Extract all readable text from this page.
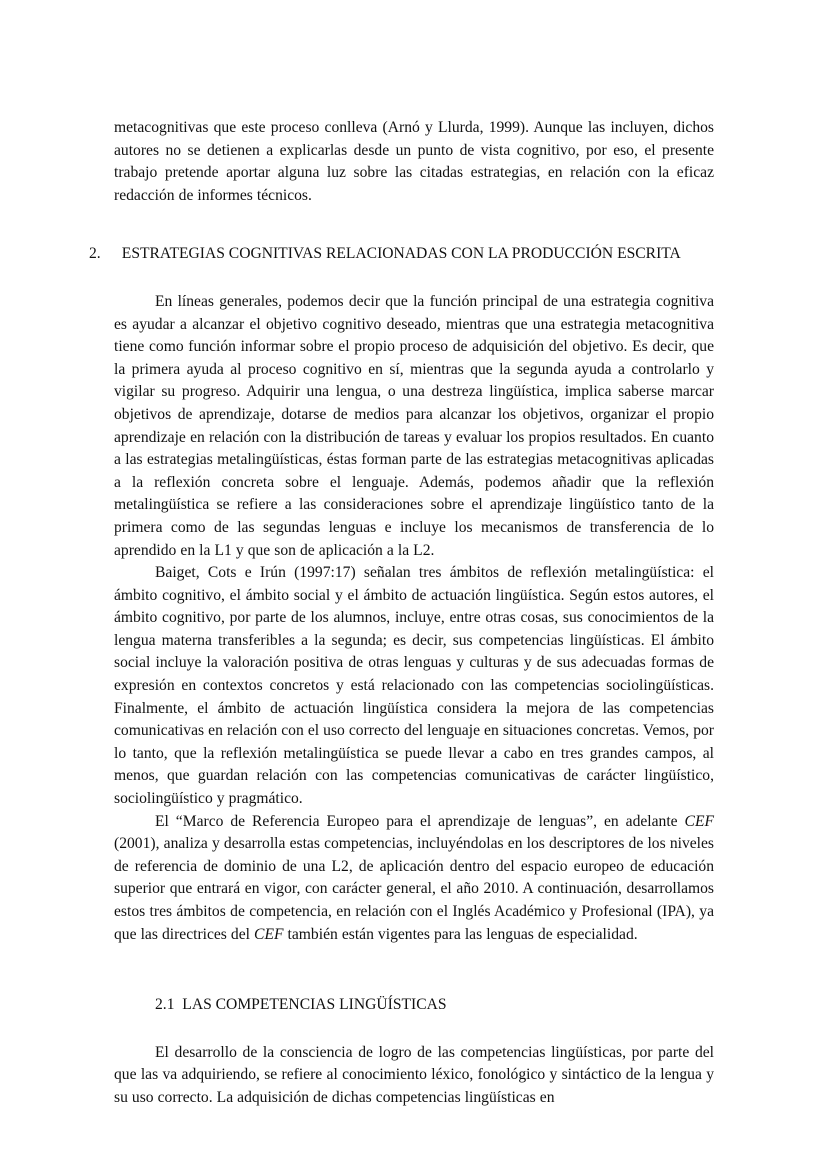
metacognitivas que este proceso conlleva (Arnó y Llurda, 1999). Aunque las incluyen, dichos autores no se detienen a explicarlas desde un punto de vista cognitivo, por eso, el presente trabajo pretende aportar alguna luz sobre las citadas estrategias, en relación con la eficaz redacción de informes técnicos.

2. ESTRATEGIAS COGNITIVAS RELACIONADAS CON LA PRODUCCIÓN ESCRITA

En líneas generales, podemos decir que la función principal de una estrategia cognitiva es ayudar a alcanzar el objetivo cognitivo deseado, mientras que una estrategia metacognitiva tiene como función informar sobre el propio proceso de adquisición del objetivo. Es decir, que la primera ayuda al proceso cognitivo en sí, mientras que la segunda ayuda a controlarlo y vigilar su progreso. Adquirir una lengua, o una destreza lingüística, implica saberse marcar objetivos de aprendizaje, dotarse de medios para alcanzar los objetivos, organizar el propio aprendizaje en relación con la distribución de tareas y evaluar los propios resultados. En cuanto a las estrategias metalingüísticas, éstas forman parte de las estrategias metacognitivas aplicadas a la reflexión concreta sobre el lenguaje. Además, podemos añadir que la reflexión metalingüística se refiere a las consideraciones sobre el aprendizaje lingüístico tanto de la primera como de las segundas lenguas e incluye los mecanismos de transferencia de lo aprendido en la L1 y que son de aplicación a la L2.

Baiget, Cots e Irún (1997:17) señalan tres ámbitos de reflexión metalingüística: el ámbito cognitivo, el ámbito social y el ámbito de actuación lingüística. Según estos autores, el ámbito cognitivo, por parte de los alumnos, incluye, entre otras cosas, sus conocimientos de la lengua materna transferibles a la segunda; es decir, sus competencias lingüísticas. El ámbito social incluye la valoración positiva de otras lenguas y culturas y de sus adecuadas formas de expresión en contextos concretos y está relacionado con las competencias sociolingüísticas. Finalmente, el ámbito de actuación lingüística considera la mejora de las competencias comunicativas en relación con el uso correcto del lenguaje en situaciones concretas. Vemos, por lo tanto, que la reflexión metalingüística se puede llevar a cabo en tres grandes campos, al menos, que guardan relación con las competencias comunicativas de carácter lingüístico, sociolingüístico y pragmático.

El “Marco de Referencia Europeo para el aprendizaje de lenguas”, en adelante CEF (2001), analiza y desarrolla estas competencias, incluyéndolas en los descriptores de los niveles de referencia de dominio de una L2, de aplicación dentro del espacio europeo de educación superior que entrará en vigor, con carácter general, el año 2010. A continuación, desarrollamos estos tres ámbitos de competencia, en relación con el Inglés Académico y Profesional (IPA), ya que las directrices del CEF también están vigentes para las lenguas de especialidad.

2.1 LAS COMPETENCIAS LINGÜÍSTICAS

El desarrollo de la consciencia de logro de las competencias lingüísticas, por parte del que las va adquiriendo, se refiere al conocimiento léxico, fonológico y sintáctico de la lengua y su uso correcto. La adquisición de dichas competencias lingüísticas en
